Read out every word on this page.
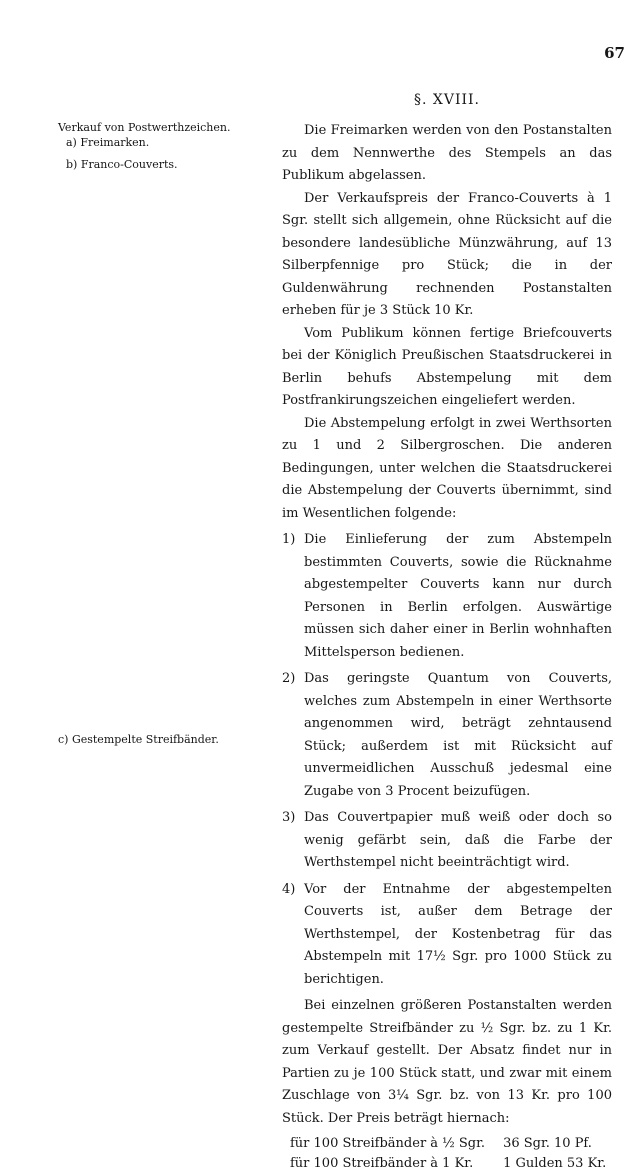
67
§. XVIII.
Verkauf von Postwerthzeichen.
a) Freimarken.
b) Franco-Couverts.
c) Gestempelte Streifbänder.

Die Freimarken werden von den Postanstalten zu dem Nennwerthe des Stempels an das Publikum abgelassen.

Der Verkaufspreis der Franco-Couverts à 1 Sgr. stellt sich allgemein, ohne Rücksicht auf die besondere landesübliche Münzwährung, auf 13 Silberpfennige pro Stück; die in der Guldenwährung rechnenden Postanstalten erheben für je 3 Stück 10 Kr.

Vom Publikum können fertige Briefcouverts bei der Königlich Preußischen Staatsdruckerei in Berlin behufs Abstempelung mit dem Postfrankirungszeichen eingeliefert werden.

Die Abstempelung erfolgt in zwei Werthsorten zu 1 und 2 Silbergroschen. Die anderen Bedingungen, unter welchen die Staatsdruckerei die Abstempelung der Couverts übernimmt, sind im Wesentlichen folgende:

1) Die Einlieferung der zum Abstempeln bestimmten Couverts, sowie die Rücknahme abgestempelter Couverts kann nur durch Personen in Berlin erfolgen. Auswärtige müssen sich daher einer in Berlin wohnhaften Mittelsperson bedienen.
2) Das geringste Quantum von Couverts, welches zum Abstempeln in einer Werthsorte angenommen wird, beträgt zehntausend Stück; außerdem ist mit Rücksicht auf unvermeidlichen Ausschuß jedesmal eine Zugabe von 3 Procent beizufügen.
3) Das Couvertpapier muß weiß oder doch so wenig gefärbt sein, daß die Farbe der Werthstempel nicht beeinträchtigt wird.
4) Vor der Entnahme der abgestempelten Couverts ist, außer dem Betrage der Werthstempel, der Kostenbetrag für das Abstempeln mit 17½ Sgr. pro 1000 Stück zu berichtigen.

Bei einzelnen größeren Postanstalten werden gestempelte Streifbänder zu ½ Sgr. bz. zu 1 Kr. zum Verkauf gestellt. Der Absatz findet nur in Partien zu je 100 Stück statt, und zwar mit einem Zuschlage von 3¼ Sgr. bz. von 13 Kr. pro 100 Stück. Der Preis beträgt hiernach:

für 100 Streifbänder à ½ Sgr.	36 Sgr. 10 Pf.
für 100 Streifbänder à 1 Kr.	1 Gulden 53 Kr.
